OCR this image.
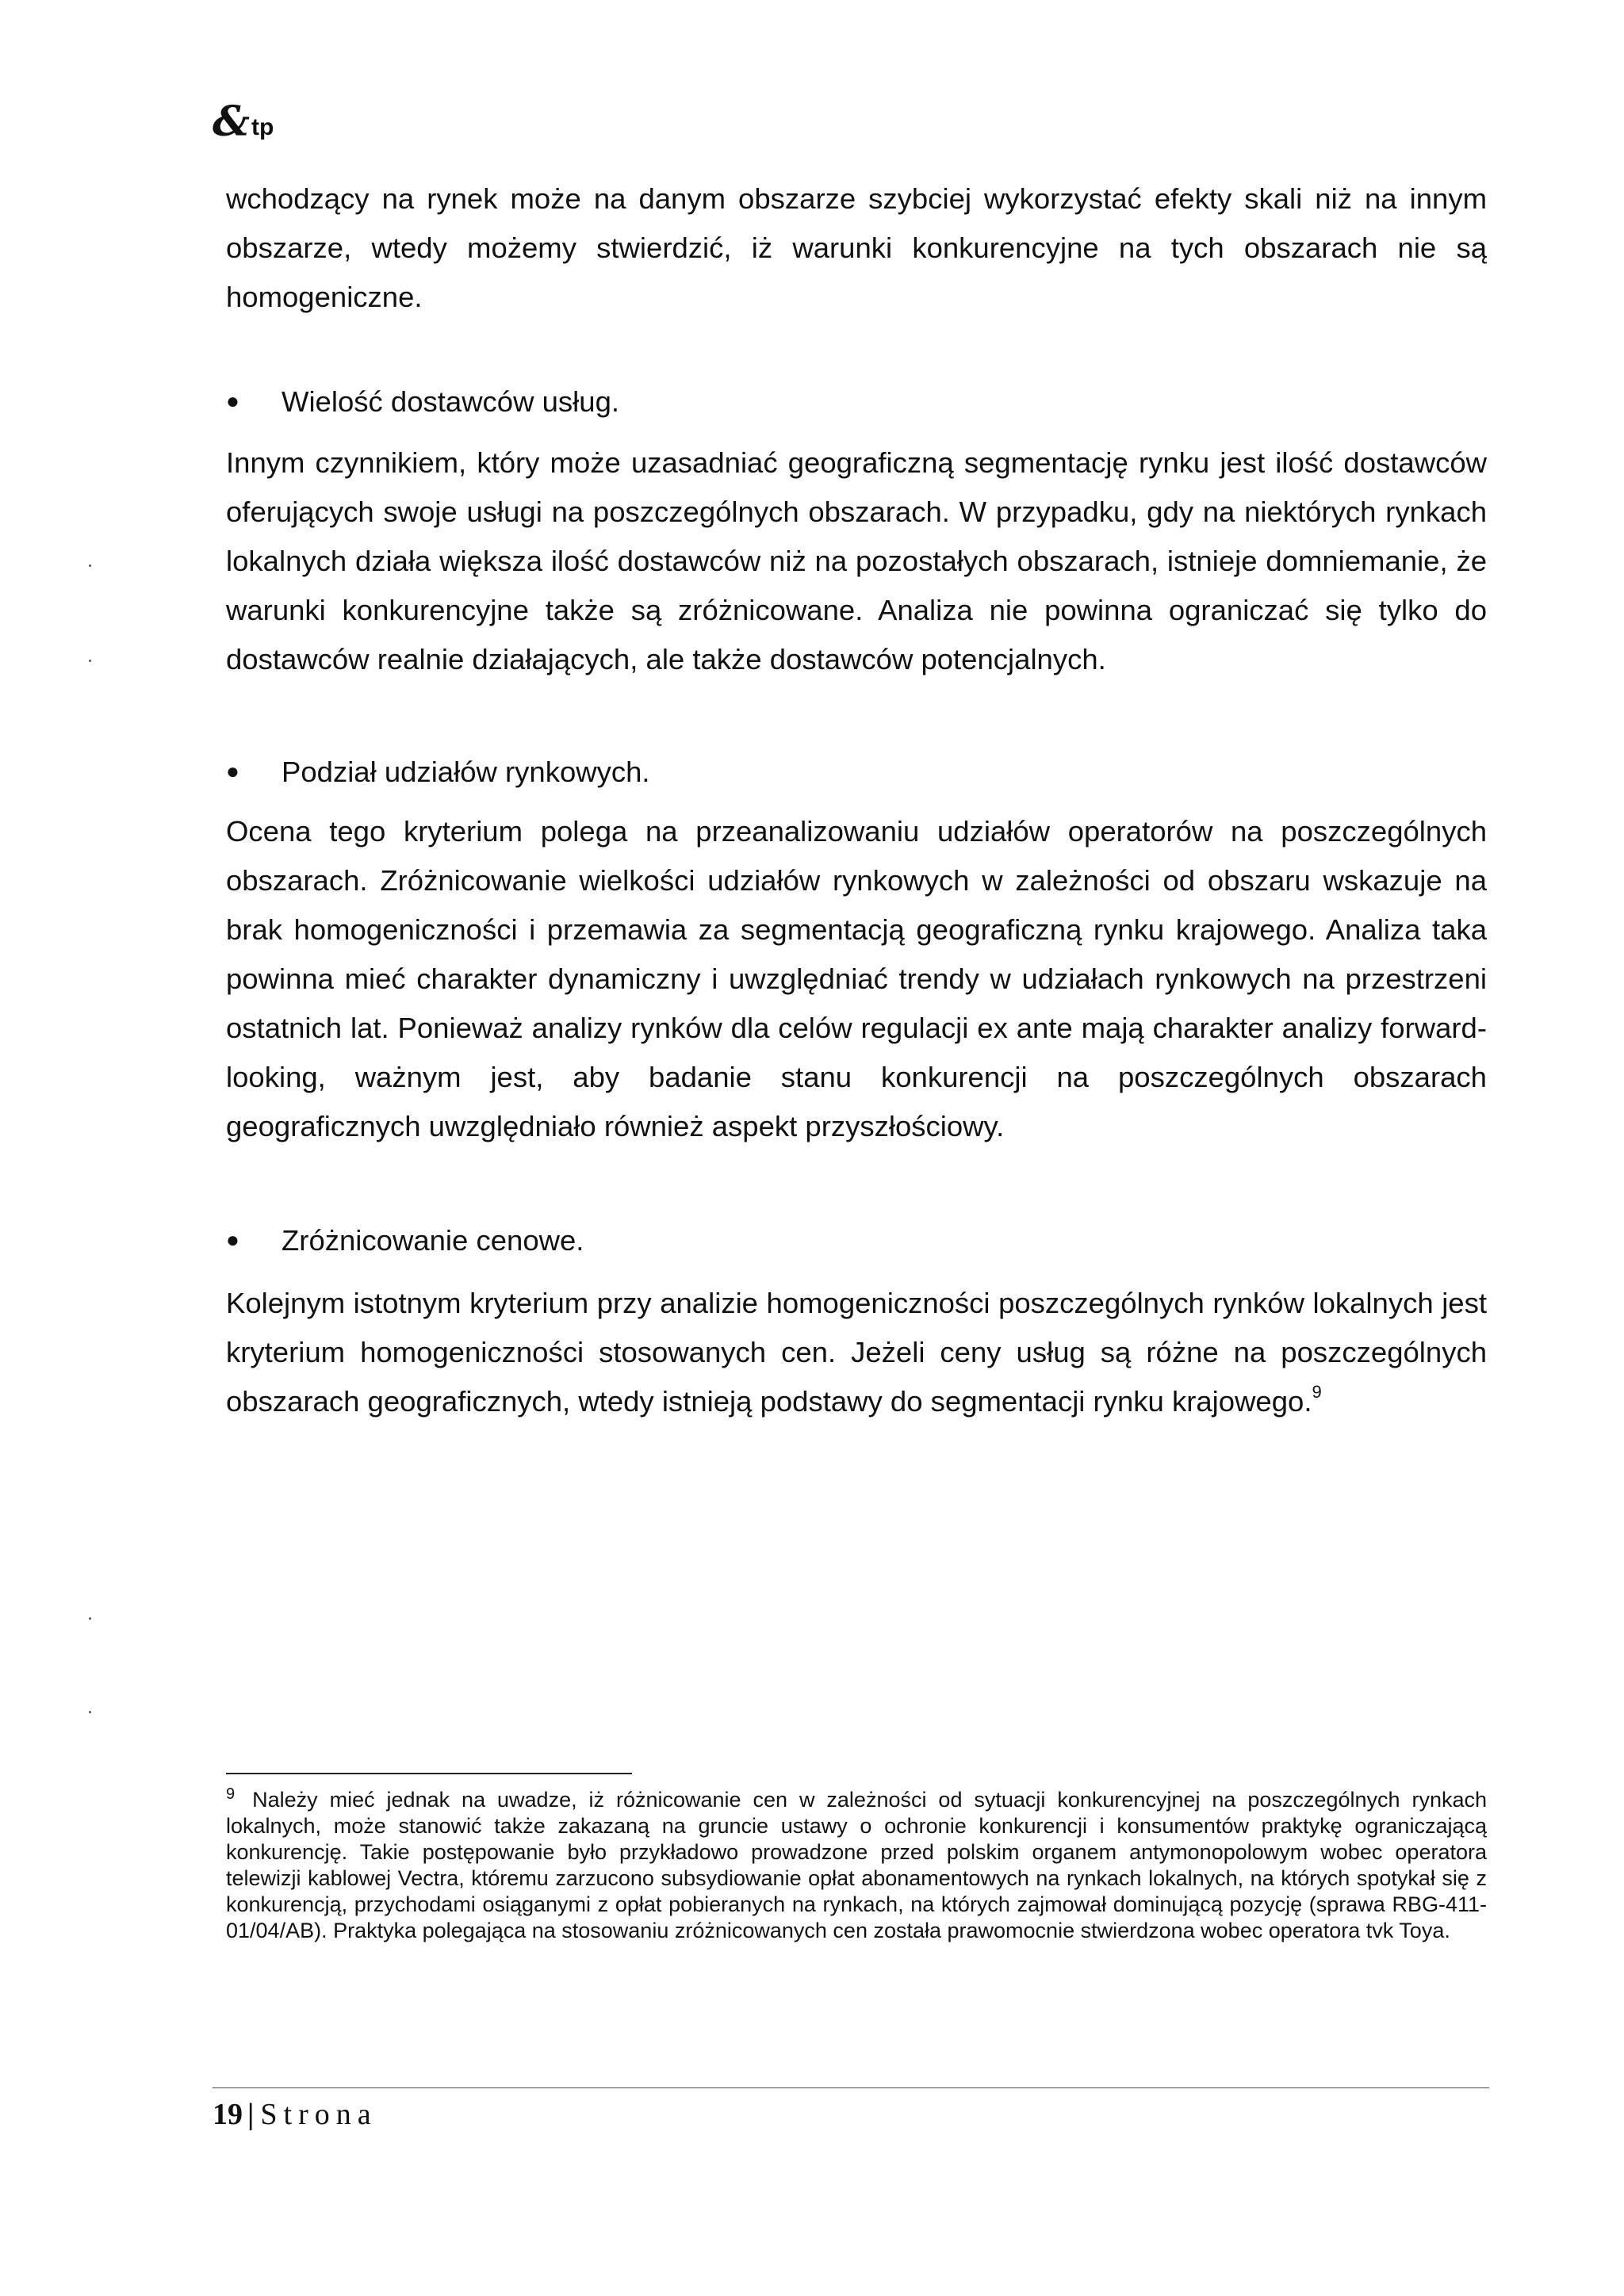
& tp

wchodzący na rynek może na danym obszarze szybciej wykorzystać efekty skali niż na innym obszarze, wtedy możemy stwierdzić, iż warunki konkurencyjne na tych obszarach nie są homogeniczne.

●	Wielość dostawców usług.

Innym czynnikiem, który może uzasadniać geograficzną segmentację rynku jest ilość dostawców oferujących swoje usługi na poszczególnych obszarach. W przypadku, gdy na niektórych rynkach lokalnych działa większa ilość dostawców niż na pozostałych obszarach, istnieje domniemanie, że warunki konkurencyjne także są zróżnicowane. Analiza nie powinna ograniczać się tylko do dostawców realnie działających, ale także dostawców potencjalnych.

●	Podział udziałów rynkowych.

Ocena tego kryterium polega na przeanalizowaniu udziałów operatorów na poszczególnych obszarach. Zróżnicowanie wielkości udziałów rynkowych w zależności od obszaru wskazuje na brak homogeniczności i przemawia za segmentacją geograficzną rynku krajowego. Analiza taka powinna mieć charakter dynamiczny i uwzględniać trendy w udziałach rynkowych na przestrzeni ostatnich lat. Ponieważ analizy rynków dla celów regulacji ex ante mają charakter analizy forward-looking, ważnym jest, aby badanie stanu konkurencji na poszczególnych obszarach geograficznych uwzględniało również aspekt przyszłościowy.

●	Zróżnicowanie cenowe.

Kolejnym istotnym kryterium przy analizie homogeniczności poszczególnych rynków lokalnych jest kryterium homogeniczności stosowanych cen. Jeżeli ceny usług są różne na poszczególnych obszarach geograficznych, wtedy istnieją podstawy do segmentacji rynku krajowego.$^9$

$^9$ Należy mieć jednak na uwadze, iż różnicowanie cen w zależności od sytuacji konkurencyjnej na poszczególnych rynkach lokalnych, może stanowić także zakazaną na gruncie ustawy o ochronie konkurencji i konsumentów praktykę ograniczającą konkurencję. Takie postępowanie było przykładowo prowadzone przed polskim organem antymonopolowym wobec operatora telewizji kablowej Vectra, któremu zarzucono subsydiowanie opłat abonamentowych na rynkach lokalnych, na których spotykał się z konkurencją, przychodami osiąganymi z opłat pobieranych na rynkach, na których zajmował dominującą pozycję (sprawa RBG-411-01/04/AB). Praktyka polegająca na stosowaniu zróżnicowanych cen została prawomocnie stwierdzona wobec operatora tvk Toya.
19 | Strona
